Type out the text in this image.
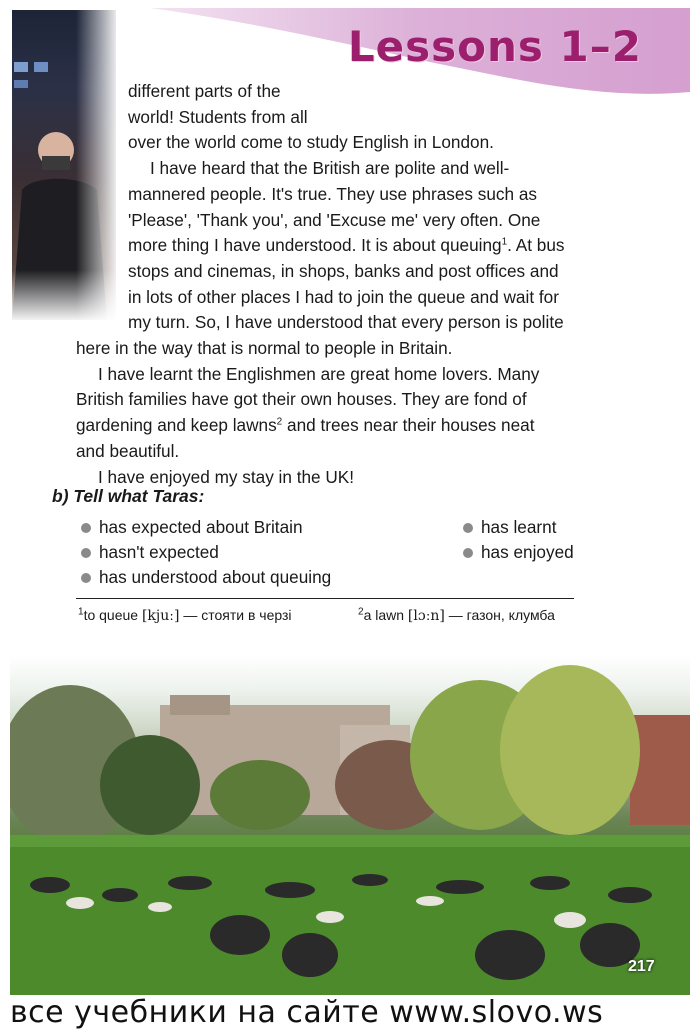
Lessons 1–2

different parts of the

world! Students from all

over the world come to study English in London.

I have heard that the British are polite and well-

mannered people. It's true. They use phrases such as

'Please', 'Thank you', and 'Excuse me' very often. One

more thing I have understood. It is about queuing$^1$. At bus

stops and cinemas, in shops, banks and post offices and

in lots of other places I had to join the queue and wait for

my turn. So, I have understood that every person is polite

here in the way that is normal to people in Britain.

I have learnt the Englishmen are great home lovers. Many

British families have got their own houses. They are fond of

gardening and keep lawns$^2$ and trees near their houses neat

and beautiful.

I have enjoyed my stay in the UK!

b) Tell what Taras:
has expected about Britain
hasn't expected
has understood about queuing
has learnt
has enjoyed
$^1$to queue [kjuː] — стояти в черзі	$^2$a lawn [lɔːn] — газон, клумба
217
все учебники на сайте www.slovo.ws
